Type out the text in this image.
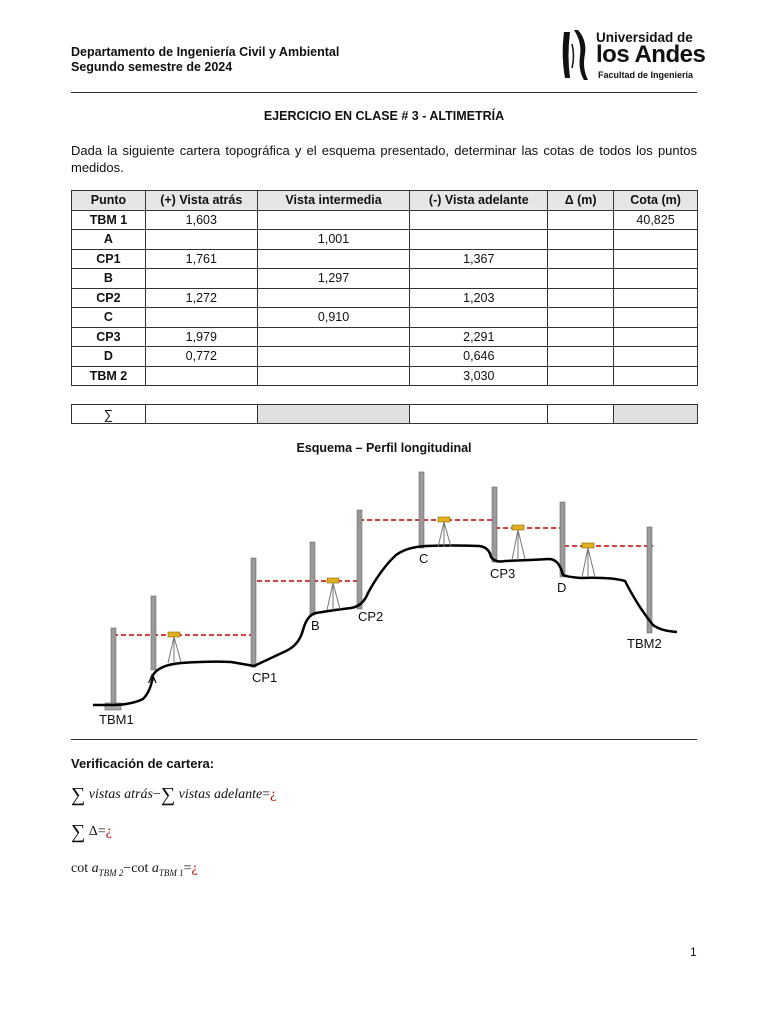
Departamento de Ingeniería Civil y Ambiental
Segundo semestre de 2024
Universidad de
los Andes
Facultad de Ingeniería
EJERCICIO EN CLASE # 3 - ALTIMETRÍA
Dada la siguiente cartera topográfica y el esquema presentado, determinar las cotas de todos los puntos medidos.
Punto	(+) Vista atrás	Vista intermedia	(-) Vista adelante	Δ (m)	Cota (m)
TBM 1	1,603				40,825
A		1,001			
CP1	1,761		1,367		
B		1,297			
CP2	1,272		1,203		
C		0,910			
CP3	1,979		2,291		
D	0,772		0,646		
TBM 2			3,030		
∑					
Esquema – Perfil longitudinal
TBM1
A	CP1
B
CP2
C
CP3
D
TBM2
Verificación de cartera:
∑ vistas atrás−∑ vistas adelante=¿
∑ Δ=¿
$\cot a_{TBM 2}-\cot$ $a_{TBM 1}=¿$
1
